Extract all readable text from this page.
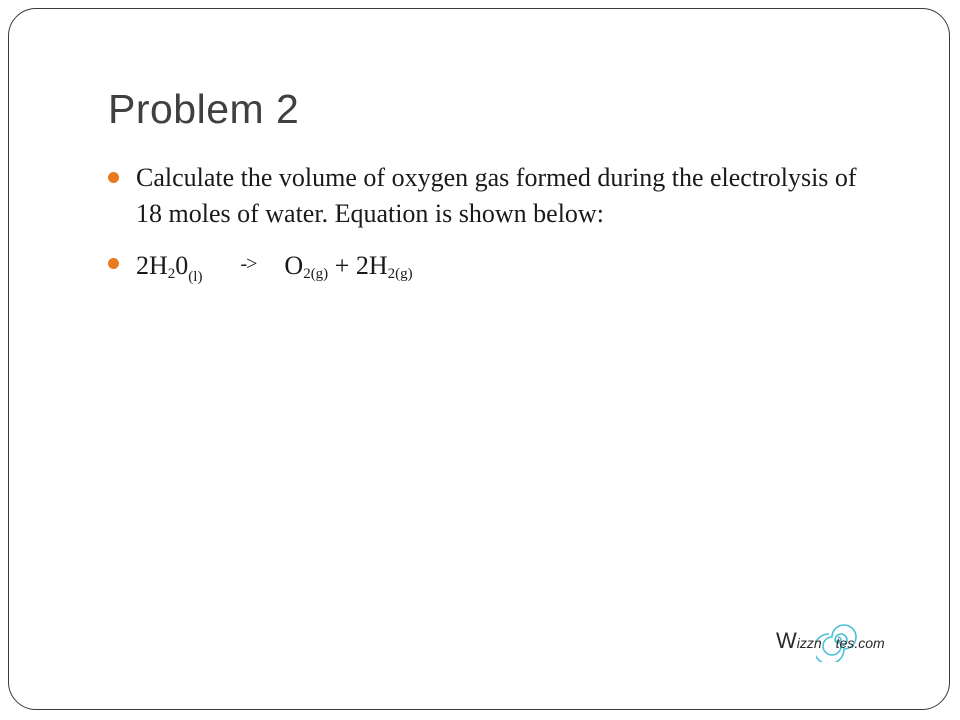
Problem 2
Calculate the volume of oxygen gas formed during the electrolysis of 18 moles of water. Equation is shown below:
$2H_20_{(l)}-> O_{2(g)} + 2H_{2(g)}$
Wizzn tes.com
